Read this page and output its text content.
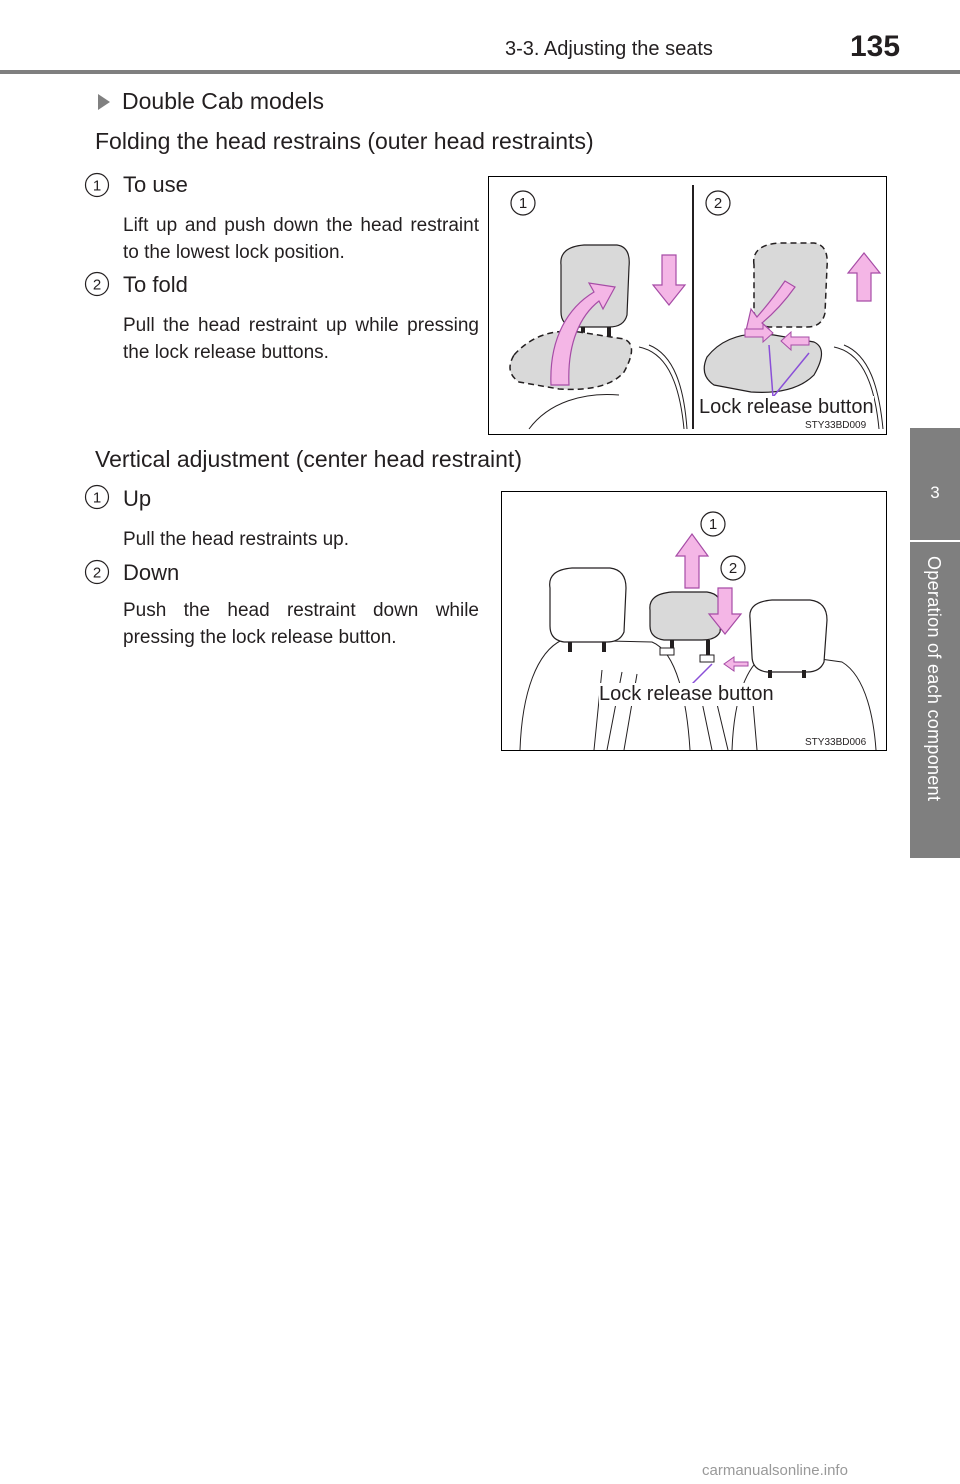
3-3. Adjusting the seats	135
3
Operation of each component
Double Cab models
Folding the head restrains (outer head restraints)
1 To use
Lift up and push down the head restraint to the lowest lock position.
2 To fold
Pull the head restraint up while pressing the lock release buttons.
1	2
Lock release button
STY33BD009
Vertical adjustment (center head restraint)
1 Up
Pull the head restraints up.
2 Down
Push the head restraint down while pressing the lock release button.
1
2
Lock release button
STY33BD006
carmanualsonline.info
